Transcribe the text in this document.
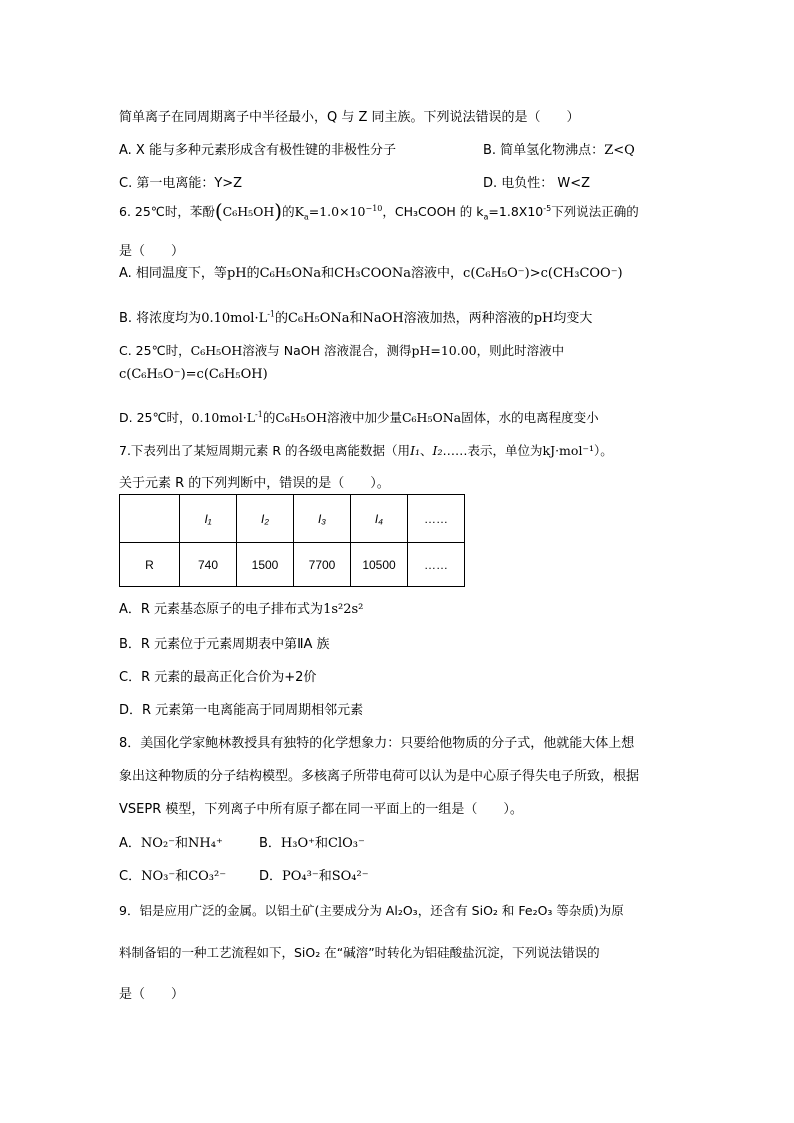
简单离子在同周期离子中半径最小，Q 与 Z 同主族。下列说法错误的是（　　）
A. X 能与多种元素形成含有极性键的非极性分子	B. 简单氢化物沸点：Z<Q
C. 第一电离能：Y>Z	D. 电负性： W<Z
6. 25℃时，苯酚(C₆H₅OH)的$K_a=1.0\times 10^{-10}$，CH₃COOH 的 $k_a=1.8X10^{-5}$下列说法正确的
是（　　）
A. 相同温度下，等pH的C₆H₅ONa和CH₃COONa溶液中，c(C₆H₅O⁻)>c(CH₃COO⁻)
B. 将浓度均为$0.10mol\cdot L^{-1}$的C₆H₅ONa和NaOH溶液加热，两种溶液的pH均变大
C. 25℃时，C₆H₅OH溶液与 NaOH 溶液混合，测得pH=10.00，则此时溶液中
c(C₆H₅O⁻)=c(C₆H₅OH)
D. 25℃时，$0.10mol\cdot L^{-1}$的C₆H₅OH溶液中加少量C₆H₅ONa固体，水的电离程度变小
7.下表列出了某短周期元素 R 的各级电离能数据（用I₁、I₂……表示，单位为kJ·mol⁻¹）。
关于元素 R 的下列判断中，错误的是（　　）。
	I₁	I₂	I₃	I₄	……
R	740	1500	7700	10500	……
A．R 元素基态原子的电子排布式为1s²2s²
B．R 元素位于元素周期表中第ⅡA 族
C．R 元素的最高正化合价为+2价
D．R 元素第一电离能高于同周期相邻元素
8．美国化学家鲍林教授具有独特的化学想象力：只要给他物质的分子式，他就能大体上想
象出这种物质的分子结构模型。多核离子所带电荷可以认为是中心原子得失电子所致，根据
VSEPR 模型，下列离子中所有原子都在同一平面上的一组是（　　）。
A．NO₂⁻和NH₄⁺	B．H₃O⁺和ClO₃⁻
C．NO₃⁻和CO₃²⁻	D．PO₄³⁻和SO₄²⁻
9．铝是应用广泛的金属。以铝土矿(主要成分为 Al₂O₃，还含有 SiO₂ 和 Fe₂O₃ 等杂质)为原
料制备铝的一种工艺流程如下，SiO₂ 在“碱溶”时转化为铝硅酸盐沉淀，下列说法错误的
是（　　）
